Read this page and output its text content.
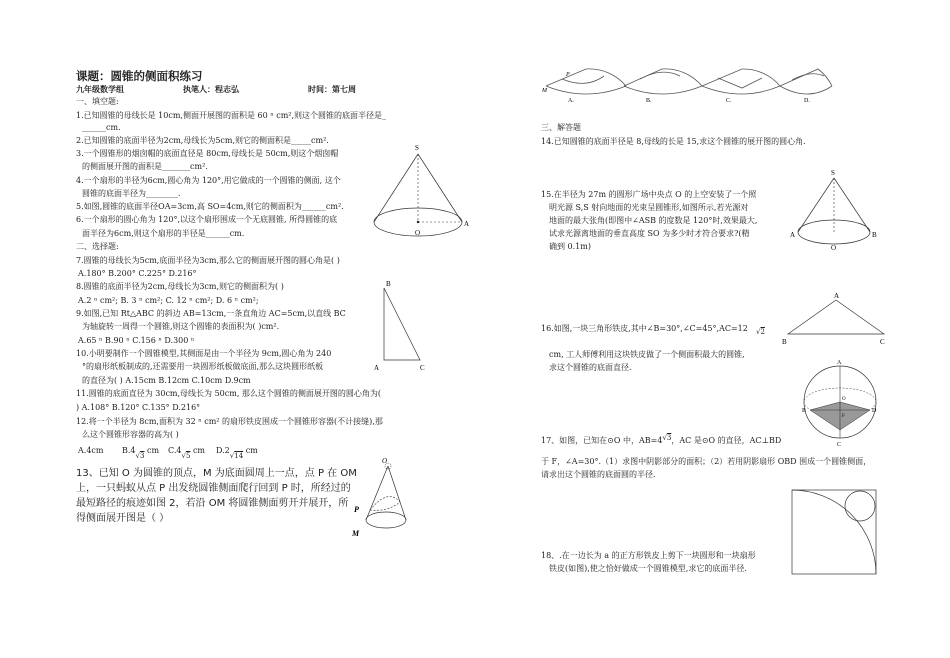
课题：圆锥的侧面积练习
九年级数学组	执笔人：程志弘	时间：第七周
一、填空题:
1.已知圆锥的母线长是 10cm,侧面开展图的面积是 60 ⁿ cm²,则这个圆锥的底面半径是_
______cm.
2.已知圆锥的底面半径为2cm,母线长为5cm,则它的侧面积是_____cm².
3.一个圆锥形的烟囱帽的底面直径是 80cm,母线长是 50cm,则这个烟囱帽
的侧面展开图的面积是_______cm².
4.一个扇形的半径为6cm,圆心角为 120°,用它做成的一个圆锥的侧面, 这个
圆锥的底面半径为________.
5.如图,圆锥的底面半径OA=3cm,高 SO=4cm,则它的侧面积为______cm².
6.一个扇形的圆心角为 120°,以这个扇形围成一个无底圆锥, 所得圆锥的底
面半径为6cm,则这个扇形的半径是______cm.
二、选择题:
7.圆锥的母线长为5cm,底面半径为3cm,那么它的侧面展开图的圆心角是( )
A.180° B.200° C.225° D.216°
8.圆锥的底面半径为2cm,母线长为3cm,则它的侧面积为( )
A.2 ⁿ cm²; B. 3 ⁿ cm²; C. 12 ⁿ cm²; D. 6 ⁿ cm²;
9.如图,已知 Rt△ABC 的斜边 AB=13cm,一条直角边 AC=5cm,以直线 BC
为轴旋转一周得一个圆锥,则这个圆锥的表面积为( )cm².
A.65 ⁿ B.90 ⁿ C.156 ⁿ D.300 ⁿ
10.小明要制作一个圆锥模型,其侧面是由一个半径为 9cm,圆心角为 240
°的扇形纸板制成的,还需要用一块圆形纸板做底面,那么这块圆形纸板
的直径为( ) A.15cm B.12cm C.10cm D.9cm
11.圆锥的底面直径为 30cm,母线长为 50cm, 那么这个圆锥的侧面展开图的圆心角为(
) A.108° B.120° C.135° D.216°
12.将一个半径为 8cm,面积为 32 ⁿ cm² 的扇形铁皮围成一个圆锥形容器(不计接缝),那
么这个圆锥形容器的高为( )
A.4cm B.4√3 cm C.4√5 cm D.2√14 cm
13、已知 O 为圆锥的顶点，M 为底面圆周上一点，点 P 在 OM
上，一只蚂蚁从点 P 出发绕圆锥侧面爬行回到 P 时，所经过的
最短路径的痕迹如图 2，若沿 OM 将圆锥侧面剪开并展开，所
得侧面展开图是（ ）
三、解答题
14.已知圆锥的底面半径是 8,母线的长是 15,求这个圆锥的展开图的圆心角.
15.在半径为 27m 的圆形广场中央点 O 的上空安装了一个照
明光源 S,S 射向地面的光束呈圆锥形,如图所示,若光源对
地面的最大张角(即图中∠ASB 的度数是 120°时,效果最大,
试求光源离地面的垂直高度 SO 为多少时才符合要求?(精
确到 0.1m)
16.如图,一块三角形铁皮,其中∠B=30°,∠C=45°,AC=12 √2
cm, 工人师傅利用这块铁皮做了一个侧面积最大的圆锥,
求这个圆锥的底面直径.
17、如图，已知在⊙O 中，AB=4√3，AC 是⊙O 的直径，AC⊥BD
于 F，∠A=30°.（1）求图中阴影部分的面积；（2）若用阴影扇形 OBD 围成一个圆锥侧面，
请求出这个圆锥的底面圆的半径.
18、.在一边长为 a 的正方形铁皮上剪下一块圆形和一块扇形
铁皮(如图),使之恰好做成一个圆锥模型,求它的底面半径.
S
O
A
B
A	C
O
P
M
M
P
A.	B.	C.	D.
S
A	B
O
A
B	C
A
B	D
C
F
O
